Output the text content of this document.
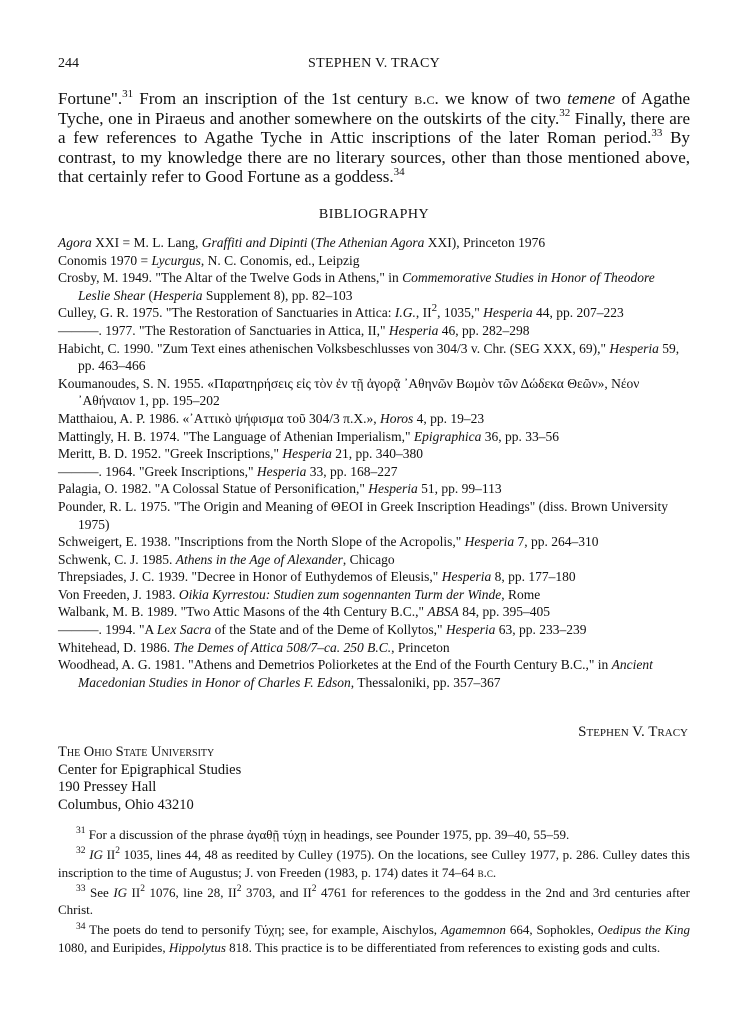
244	STEPHEN V. TRACY

Fortune".$^{31}$ From an inscription of the 1st century b.c. we know of two temene of Agathe Tyche, one in Piraeus and another somewhere on the outskirts of the city.$^{32}$ Finally, there are a few references to Agathe Tyche in Attic inscriptions of the later Roman period.$^{33}$ By contrast, to my knowledge there are no literary sources, other than those mentioned above, that certainly refer to Good Fortune as a goddess.$^{34}$

BIBLIOGRAPHY

Agora XXI = M. L. Lang, Graffiti and Dipinti (The Athenian Agora XXI), Princeton 1976

Conomis 1970 = Lycurgus, N. C. Conomis, ed., Leipzig

Crosby, M. 1949. "The Altar of the Twelve Gods in Athens," in Commemorative Studies in Honor of Theodore Leslie Shear (Hesperia Supplement 8), pp. 82–103

Culley, G. R. 1975. "The Restoration of Sanctuaries in Attica: I.G., $II^2$, 1035," Hesperia 44, pp. 207–223

———. 1977. "The Restoration of Sanctuaries in Attica, II," Hesperia 46, pp. 282–298

Habicht, C. 1990. "Zum Text eines athenischen Volksbeschlusses von 304/3 v. Chr. (SEG XXX, 69)," Hesperia 59, pp. 463–466

Koumanoudes, S. N. 1955. «Παρατηρήσεις εἰς τὸν ἐν τῇ ἀγορᾷ ᾿Αθηνῶν Βωμὸν τῶν Δώδεκα Θεῶν», Νέον ᾿Αθήναιον 1, pp. 195–202

Matthaiou, A. P. 1986. «᾿Αττικὸ ψήφισμα τοῦ 304/3 π.Χ.», Horos 4, pp. 19–23

Mattingly, H. B. 1974. "The Language of Athenian Imperialism," Epigraphica 36, pp. 33–56

Meritt, B. D. 1952. "Greek Inscriptions," Hesperia 21, pp. 340–380

———. 1964. "Greek Inscriptions," Hesperia 33, pp. 168–227

Palagia, O. 1982. "A Colossal Statue of Personification," Hesperia 51, pp. 99–113

Pounder, R. L. 1975. "The Origin and Meaning of ΘΕΟΙ in Greek Inscription Headings" (diss. Brown University 1975)

Schweigert, E. 1938. "Inscriptions from the North Slope of the Acropolis," Hesperia 7, pp. 264–310

Schwenk, C. J. 1985. Athens in the Age of Alexander, Chicago

Threpsiades, J. C. 1939. "Decree in Honor of Euthydemos of Eleusis," Hesperia 8, pp. 177–180

Von Freeden, J. 1983. Oikia Kyrrestou: Studien zum sogennanten Turm der Winde, Rome

Walbank, M. B. 1989. "Two Attic Masons of the 4th Century B.C.," ABSA 84, pp. 395–405

———. 1994. "A Lex Sacra of the State and of the Deme of Kollytos," Hesperia 63, pp. 233–239

Whitehead, D. 1986. The Demes of Attica 508/7–ca. 250 B.C., Princeton

Woodhead, A. G. 1981. "Athens and Demetrios Poliorketes at the End of the Fourth Century B.C.," in Ancient Macedonian Studies in Honor of Charles F. Edson, Thessaloniki, pp. 357–367

Stephen V. Tracy
The Ohio State University
Center for Epigraphical Studies
190 Pressey Hall
Columbus, Ohio 43210

$^{31}$ For a discussion of the phrase ἀγαθῇ τύχῃ in headings, see Pounder 1975, pp. 39–40, 55–59.

$^{32}$ IG $II^2$ 1035, lines 44, 48 as reedited by Culley (1975). On the locations, see Culley 1977, p. 286. Culley dates this inscription to the time of Augustus; J. von Freeden (1983, p. 174) dates it 74–64 b.c.

$^{33}$ See IG $II^2$ 1076, line 28, $II^2$ 3703, and $II^2$ 4761 for references to the goddess in the 2nd and 3rd centuries after Christ.

$^{34}$ The poets do tend to personify Τύχη; see, for example, Aischylos, Agamemnon 664, Sophokles, Oedipus the King 1080, and Euripides, Hippolytus 818. This practice is to be differentiated from references to existing gods and cults.
